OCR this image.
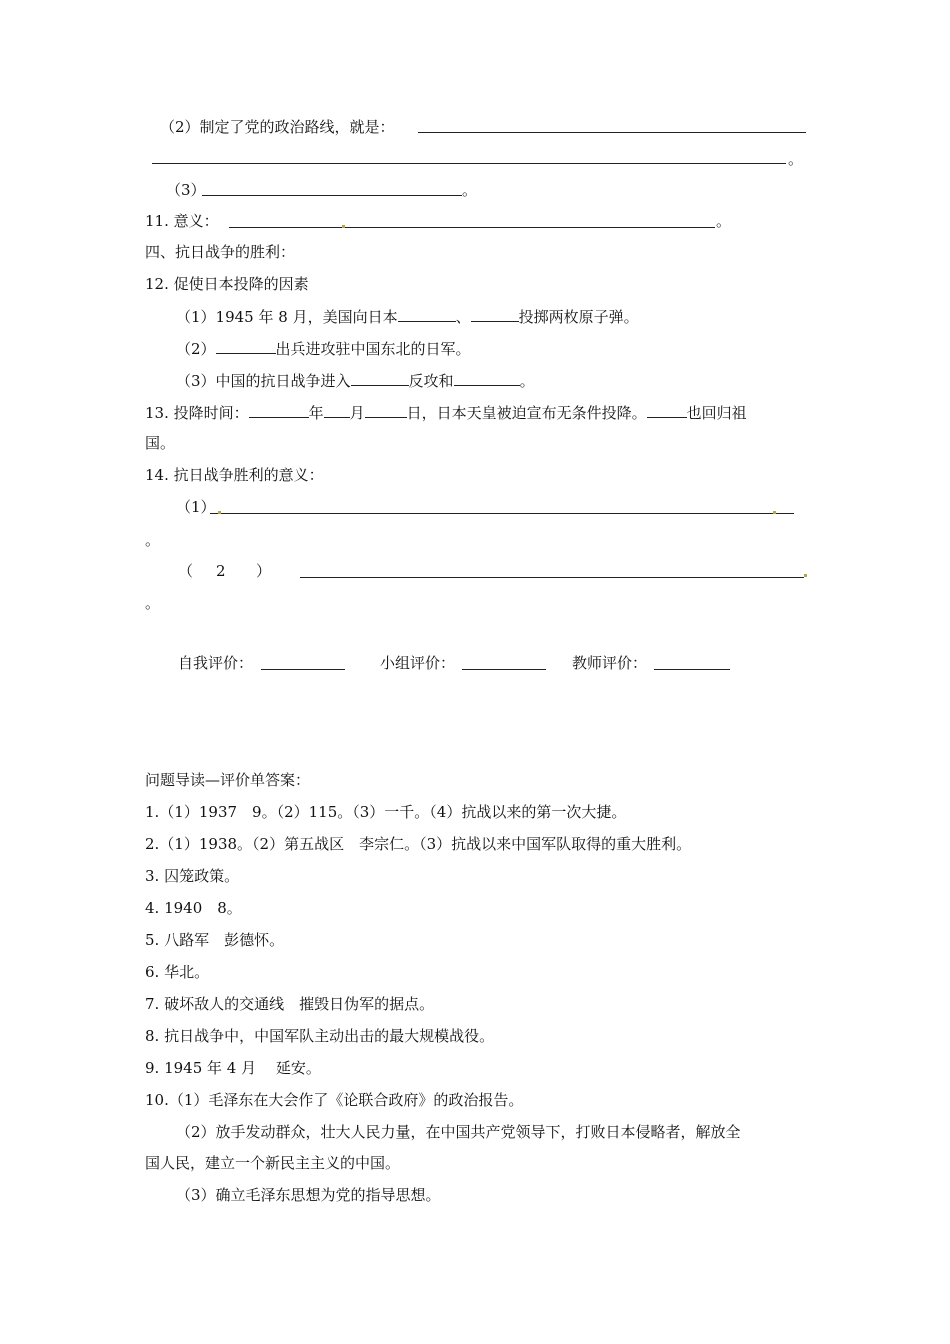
（2）制定了党的政治路线，就是：
。
（3）	。
11. 意义：	。
四、抗日战争的胜利：
12. 促使日本投降的因素
（1）1945 年 8 月，美国向日本	、	投掷两枚原子弹。
（2）	出兵进攻驻中国东北的日军。
（3）中国的抗日战争进入	反攻和	。
13. 投降时间：	年 月	日，日本天皇被迫宣布无条件投降。	也回归祖
国。
14. 抗日战争胜利的意义：
（1）
。
（ 2 ）
。
自我评价：	小组评价：	教师评价：
问题导读—评价单答案：
1.（1）1937　9。（2）115。（3）一千。（4）抗战以来的第一次大捷。
2.（1）1938。（2）第五战区　李宗仁。（3）抗战以来中国军队取得的重大胜利。
3. 囚笼政策。
4. 1940　8。
5. 八路军　彭德怀。
6. 华北。
7. 破坏敌人的交通线　摧毁日伪军的据点。
8. 抗日战争中，中国军队主动出击的最大规模战役。
9. 1945 年 4 月　 延安。
10.（1）毛泽东在大会作了《论联合政府》的政治报告。
（2）放手发动群众，壮大人民力量，在中国共产党领导下，打败日本侵略者，解放全
国人民，建立一个新民主主义的中国。
（3）确立毛泽东思想为党的指导思想。
